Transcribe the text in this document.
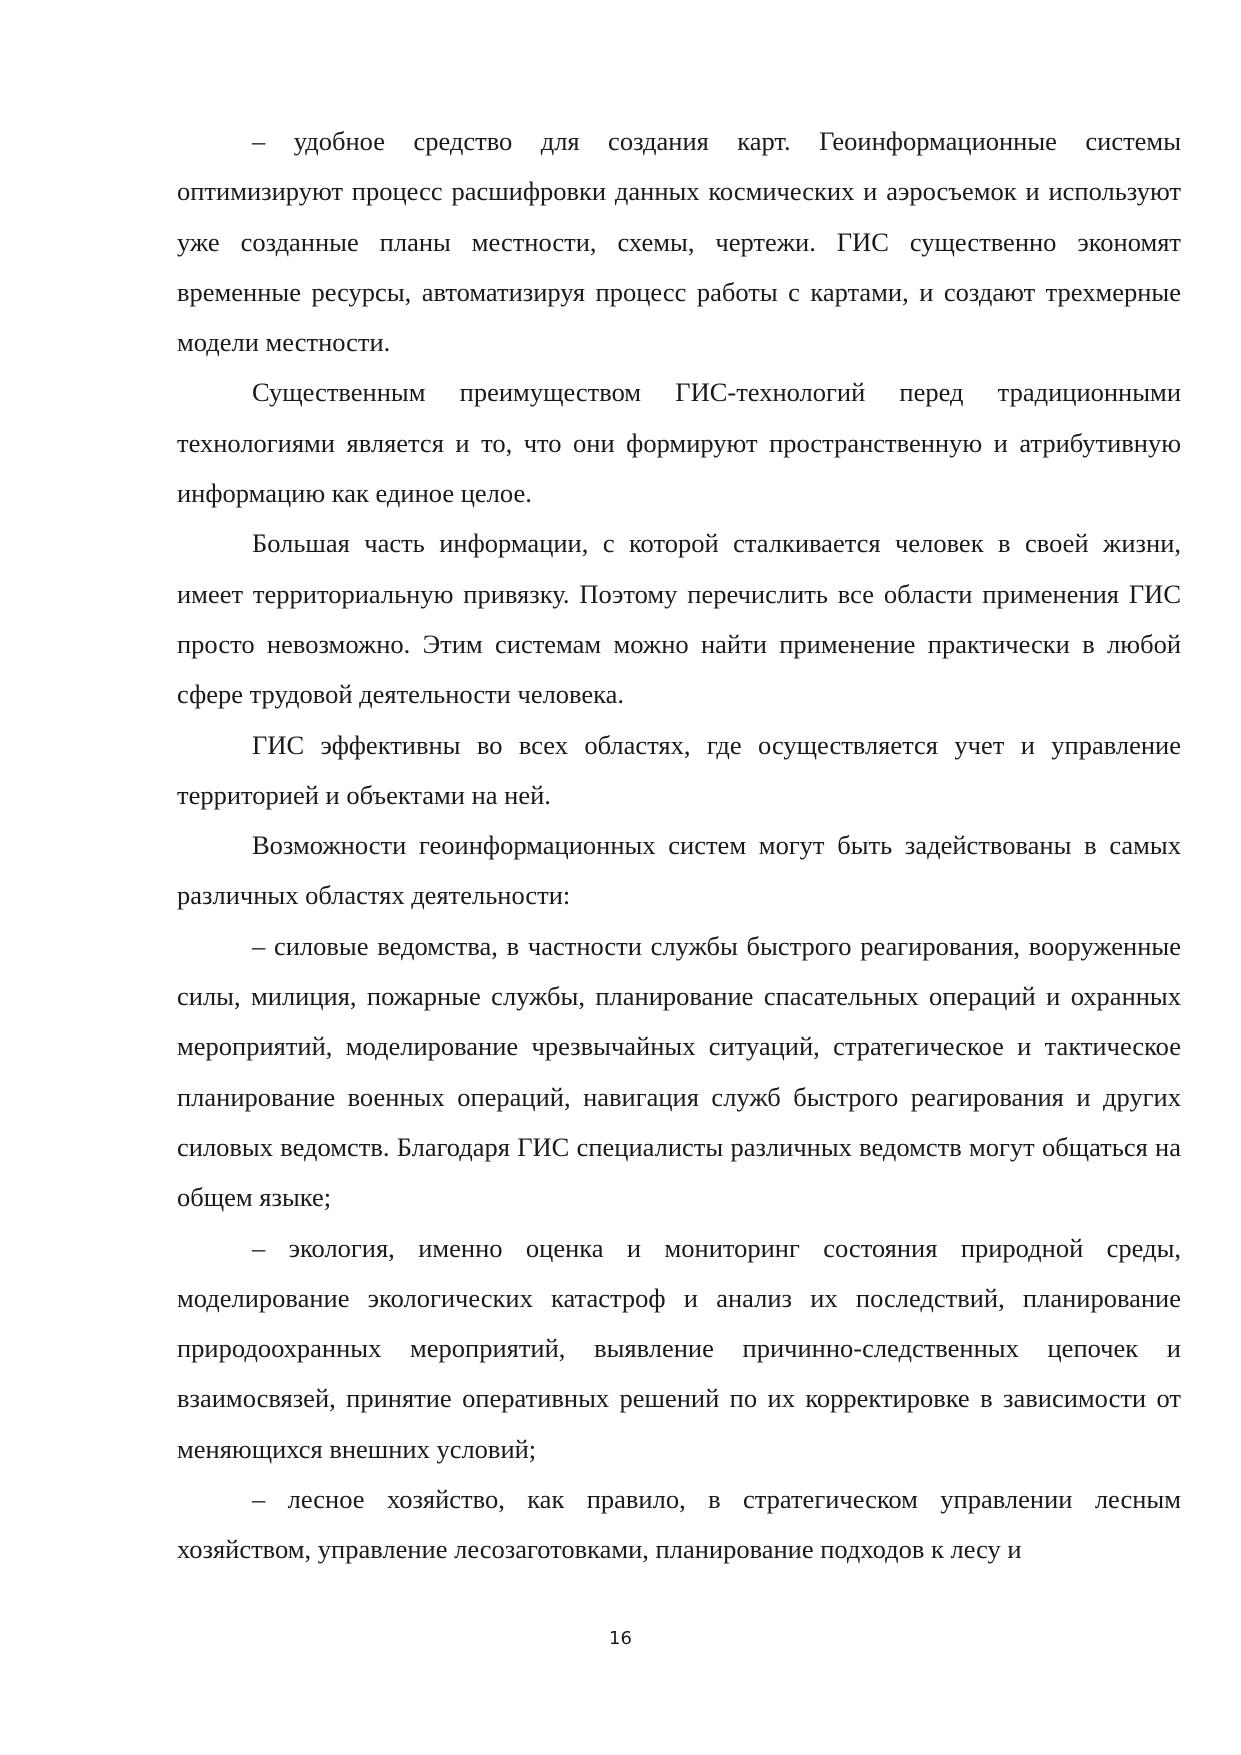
– удобное средство для создания карт. Геоинформационные системы оптимизируют процесс расшифровки данных космических и аэросъемок и используют уже созданные планы местности, схемы, чертежи. ГИС существенно экономят временные ресурсы, автоматизируя процесс работы с картами, и создают трехмерные модели местности.

Существенным преимуществом ГИС-технологий перед традиционными технологиями является и то, что они формируют пространственную и атрибутивную информацию как единое целое.

Большая часть информации, с которой сталкивается человек в своей жизни, имеет территориальную привязку. Поэтому перечислить все области применения ГИС просто невозможно. Этим системам можно найти применение практически в любой сфере трудовой деятельности человека.

ГИС эффективны во всех областях, где осуществляется учет и управление территорией и объектами на ней.

Возможности геоинформационных систем могут быть задействованы в самых различных областях деятельности:

– силовые ведомства, в частности службы быстрого реагирования, вооруженные силы, милиция, пожарные службы, планирование спасательных операций и охранных мероприятий, моделирование чрезвычайных ситуаций, стратегическое и тактическое планирование военных операций, навигация служб быстрого реагирования и других силовых ведомств. Благодаря ГИС специалисты различных ведомств могут общаться на общем языке;

– экология, именно оценка и мониторинг состояния природной среды, моделирование экологических катастроф и анализ их последствий, планирование природоохранных мероприятий, выявление причинно-следственных цепочек и взаимосвязей, принятие оперативных решений по их корректировке в зависимости от меняющихся внешних условий;

– лесное хозяйство, как правило, в стратегическом управлении лесным хозяйством, управление лесозаготовками, планирование подходов к лесу и

16
